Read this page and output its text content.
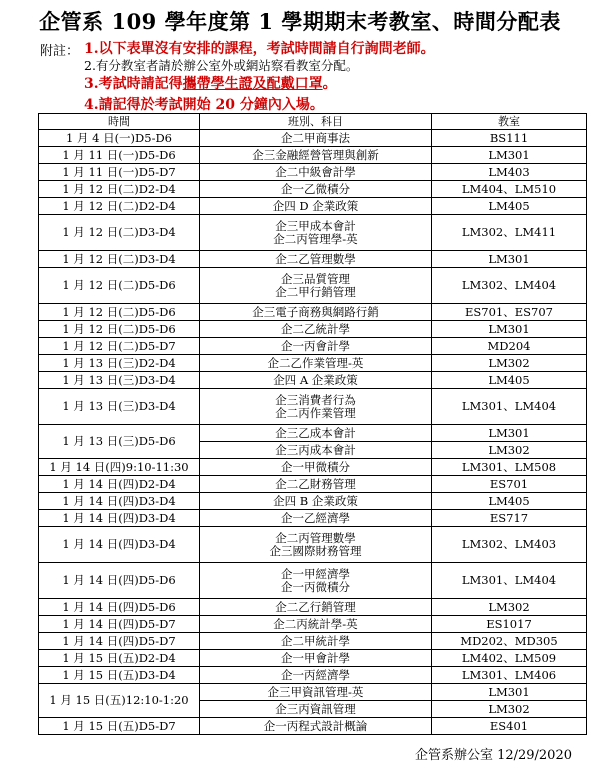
企管系 109 學年度第 1 學期期末考教室、時間分配表
附註： 1.以下表單沒有安排的課程，考試時間請自行詢問老師。
2.有分教室者請於辦公室外或網站察看教室分配。
3.考試時請記得攜帶學生證及配戴口罩。
4.請記得於考試開始 20 分鐘內入場。
時間	班別、科目	教室
1 月 4 日(一)D5-D6	企二甲商事法	BS111
1 月 11 日(一)D5-D6	企三金融經營管理與創新	LM301
1 月 11 日(一)D5-D7	企二中級會計學	LM403
1 月 12 日(二)D2-D4	企一乙微積分	LM404、LM510
1 月 12 日(二)D2-D4	企四 D 企業政策	LM405
1 月 12 日(二)D3-D4	企三甲成本會計
企二丙管理學-英	LM302、LM411
1 月 12 日(二)D3-D4	企二乙管理數學	LM301
1 月 12 日(二)D5-D6	企三品質管理
企二甲行銷管理	LM302、LM404
1 月 12 日(二)D5-D6	企三電子商務與網路行銷	ES701、ES707
1 月 12 日(二)D5-D6	企二乙統計學	LM301
1 月 12 日(二)D5-D7	企一丙會計學	MD204
1 月 13 日(三)D2-D4	企二乙作業管理-英	LM302
1 月 13 日(三)D3-D4	企四 A 企業政策	LM405
1 月 13 日(三)D3-D4	企三消費者行為
企二丙作業管理	LM301、LM404
1 月 13 日(三)D5-D6	企三乙成本會計	LM301
	企三丙成本會計	LM302
1 月 14 日(四)9:10-11:30	企一甲微積分	LM301、LM508
1 月 14 日(四)D2-D4	企二乙財務管理	ES701
1 月 14 日(四)D3-D4	企四 B 企業政策	LM405
1 月 14 日(四)D3-D4	企一乙經濟學	ES717
1 月 14 日(四)D3-D4	企二丙管理數學
企三國際財務管理	LM302、LM403
1 月 14 日(四)D5-D6	企一甲經濟學
企一丙微積分	LM301、LM404
1 月 14 日(四)D5-D6	企二乙行銷管理	LM302
1 月 14 日(四)D5-D7	企二丙統計學-英	ES1017
1 月 14 日(四)D5-D7	企二甲統計學	MD202、MD305
1 月 15 日(五)D2-D4	企一甲會計學	LM402、LM509
1 月 15 日(五)D3-D4	企一丙經濟學	LM301、LM406
1 月 15 日(五)12:10-1:20	企三甲資訊管理-英	LM301
	企三丙資訊管理	LM302
1 月 15 日(五)D5-D7	企一丙程式設計概論	ES401
企管系辦公室 12/29/2020
